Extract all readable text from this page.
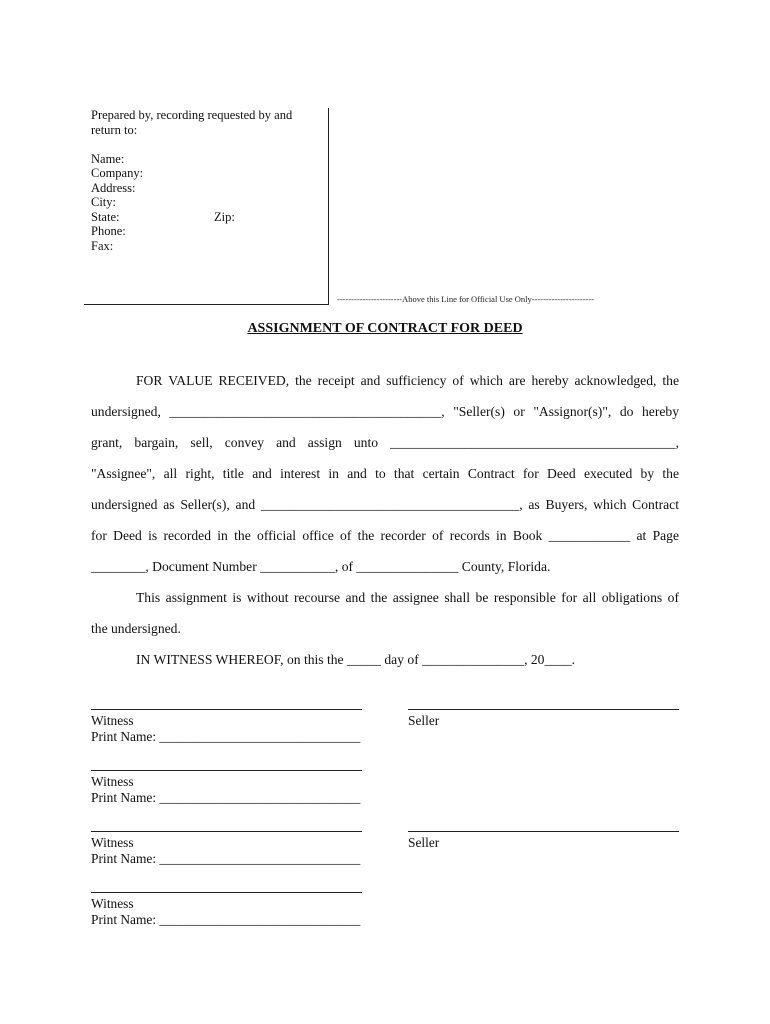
Prepared by, recording requested by and
return to:
Name:
Company:
Address:
City:
State:	Zip:
Phone:
Fax:
-----------------------Above this Line for Official Use Only----------------------
ASSIGNMENT OF CONTRACT FOR DEED
FOR VALUE RECEIVED, the receipt and sufficiency of which are hereby acknowledged, the
undersigned, ________________________________________, "Seller(s) or "Assignor(s)", do hereby
grant, bargain, sell, convey and assign unto __________________________________________,
"Assignee", all right, title and interest in and to that certain Contract for Deed executed by the
undersigned as Seller(s), and ______________________________________, as Buyers, which Contract
for Deed is recorded in the official office of the recorder of records in Book ____________ at Page
________, Document Number ___________, of _______________ County, Florida.
This assignment is without recourse and the assignee shall be responsible for all obligations of
the undersigned.
IN WITNESS WHEREOF, on this the _____ day of _______________, 20____.
Witness	Seller
Print Name: ______________________________
Witness
Print Name: ______________________________
Witness	Seller
Print Name: ______________________________
Witness
Print Name: ______________________________
